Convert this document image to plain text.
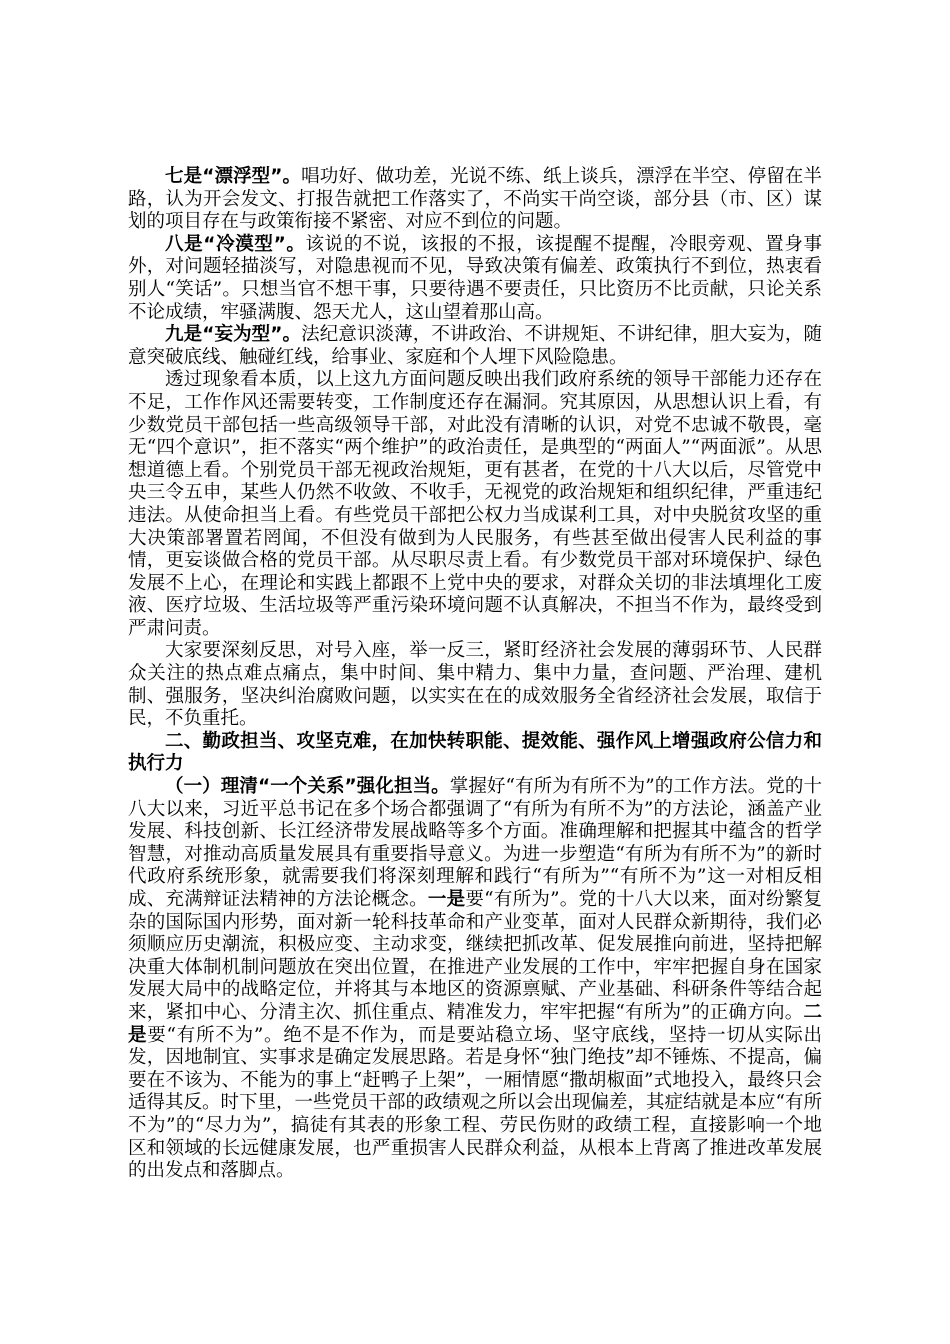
七是“漂浮型”。唱功好、做功差，光说不练、纸上谈兵，漂浮在半空、停留在半路，认为开会发文、打报告就把工作落实了，不尚实干尚空谈，部分县（市、区）谋划的项目存在与政策衔接不紧密、对应不到位的问题。

八是“冷漠型”。该说的不说，该报的不报，该提醒不提醒，冷眼旁观、置身事外，对问题轻描淡写，对隐患视而不见，导致决策有偏差、政策执行不到位，热衷看别人“笑话”。只想当官不想干事，只要待遇不要责任，只比资历不比贡献，只论关系不论成绩，牢骚满腹、怨天尤人，这山望着那山高。

九是“妄为型”。法纪意识淡薄，不讲政治、不讲规矩、不讲纪律，胆大妄为，随意突破底线、触碰红线，给事业、家庭和个人埋下风险隐患。

透过现象看本质，以上这九方面问题反映出我们政府系统的领导干部能力还存在不足，工作作风还需要转变，工作制度还存在漏洞。究其原因，从思想认识上看，有少数党员干部包括一些高级领导干部，对此没有清晰的认识，对党不忠诚不敬畏，毫无“四个意识”，拒不落实“两个维护”的政治责任，是典型的“两面人”“两面派”。从思想道德上看。个别党员干部无视政治规矩，更有甚者，在党的十八大以后，尽管党中央三令五申，某些人仍然不收敛、不收手，无视党的政治规矩和组织纪律，严重违纪违法。从使命担当上看。有些党员干部把公权力当成谋利工具，对中央脱贫攻坚的重大决策部署置若罔闻，不但没有做到为人民服务，有些甚至做出侵害人民利益的事情，更妄谈做合格的党员干部。从尽职尽责上看。有少数党员干部对环境保护、绿色发展不上心，在理论和实践上都跟不上党中央的要求，对群众关切的非法填埋化工废液、医疗垃圾、生活垃圾等严重污染环境问题不认真解决，不担当不作为，最终受到严肃问责。

大家要深刻反思，对号入座，举一反三，紧盯经济社会发展的薄弱环节、人民群众关注的热点难点痛点，集中时间、集中精力、集中力量，查问题、严治理、建机制、强服务，坚决纠治腐败问题，以实实在在的成效服务全省经济社会发展，取信于民，不负重托。

二、勤政担当、攻坚克难，在加快转职能、提效能、强作风上增强政府公信力和执行力

（一）理清“一个关系”强化担当。掌握好“有所为有所不为”的工作方法。党的十八大以来，习近平总书记在多个场合都强调了“有所为有所不为”的方法论，涵盖产业发展、科技创新、长江经济带发展战略等多个方面。准确理解和把握其中蕴含的哲学智慧，对推动高质量发展具有重要指导意义。为进一步塑造“有所为有所不为”的新时代政府系统形象，就需要我们将深刻理解和践行“有所为”“有所不为”这一对相反相成、充满辩证法精神的方法论概念。一是要“有所为”。党的十八大以来，面对纷繁复杂的国际国内形势，面对新一轮科技革命和产业变革，面对人民群众新期待，我们必须顺应历史潮流，积极应变、主动求变，继续把抓改革、促发展推向前进，坚持把解决重大体制机制问题放在突出位置，在推进产业发展的工作中，牢牢把握自身在国家发展大局中的战略定位，并将其与本地区的资源禀赋、产业基础、科研条件等结合起来，紧扣中心、分清主次、抓住重点、精准发力，牢牢把握“有所为”的正确方向。二是要“有所不为”。绝不是不作为，而是要站稳立场、坚守底线，坚持一切从实际出发，因地制宜、实事求是确定发展思路。若是身怀“独门绝技”却不锤炼、不提高，偏要在不该为、不能为的事上“赶鸭子上架”，一厢情愿“撒胡椒面”式地投入，最终只会适得其反。时下里，一些党员干部的政绩观之所以会出现偏差，其症结就是本应“有所不为”的“尽力为”，搞徒有其表的形象工程、劳民伤财的政绩工程，直接影响一个地区和领域的长远健康发展，也严重损害人民群众利益，从根本上背离了推进改革发展的出发点和落脚点。
